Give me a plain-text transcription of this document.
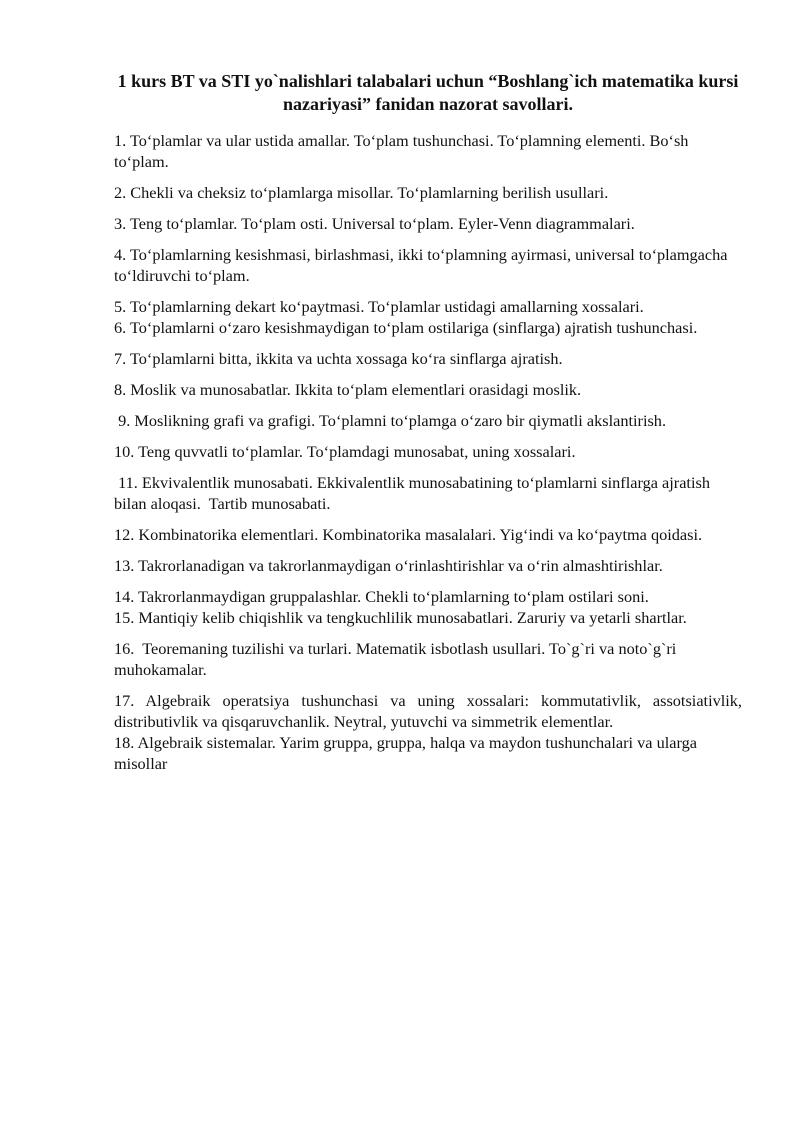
1 kurs BT va STI yo`nalishlari talabalari uchun “Boshlang`ich matematika kursi nazariyasi” fanidan nazorat savollari.
1. To‘plamlar va ular ustida amallar. To‘plam tushunchasi. To‘plamning elementi. Bo‘sh to‘plam.
2. Chekli va cheksiz to‘plamlarga misollar. To‘plamlarning berilish usullari.
3. Teng to‘plamlar. To‘plam osti. Universal to‘plam. Eyler-Venn diagrammalari.
4. To‘plamlarning kesishmasi, birlashmasi, ikki to‘plamning ayirmasi, universal to‘plamgacha to‘ldiruvchi to‘plam.
5. To‘plamlarning dekart ko‘paytmasi. To‘plamlar ustidagi amallarning xossalari.
6. To‘plamlarni o‘zaro kesishmaydigan to‘plam ostilariga (sinflarga) ajratish tushunchasi.
7. To‘plamlarni bitta, ikkita va uchta xossaga ko‘ra sinflarga ajratish.
8. Moslik va munosabatlar. Ikkita to‘plam elementlari orasidagi moslik.
9. Moslikning grafi va grafigi. To‘plamni to‘plamga o‘zaro bir qiymatli akslantirish.
10. Teng quvvatli to‘plamlar. To‘plamdagi munosabat, uning xossalari.
11. Ekvivalentlik munosabati. Ekkivalentlik munosabatining to‘plamlarni sinflarga ajratish bilan aloqasi.  Tartib munosabati.
12. Kombinatorika elementlari. Kombinatorika masalalari. Yig‘indi va ko‘paytma qoidasi.
13. Takrorlanadigan va takrorlanmaydigan o‘rinlashtirishlar va o‘rin almashtirishlar.
14. Takrorlanmaydigan gruppalashlar. Chekli to‘plamlarning to‘plam ostilari soni.
15. Mantiqiy kelib chiqishlik va tengkuchlilik munosabatlari. Zaruriy va yetarli shartlar.
16.  Teoremaning tuzilishi va turlari. Matematik isbotlash usullari. To`g`ri va noto`g`ri muhokamalar.
17. Algebraik operatsiya tushunchasi va uning xossalari: kommutativlik, assotsiativlik, distributivlik va qisqaruvchanlik. Neytral, yutuvchi va simmetrik elementlar.
18. Algebraik sistemalar. Yarim gruppa, gruppa, halqa va maydon tushunchalari va ularga misollar
